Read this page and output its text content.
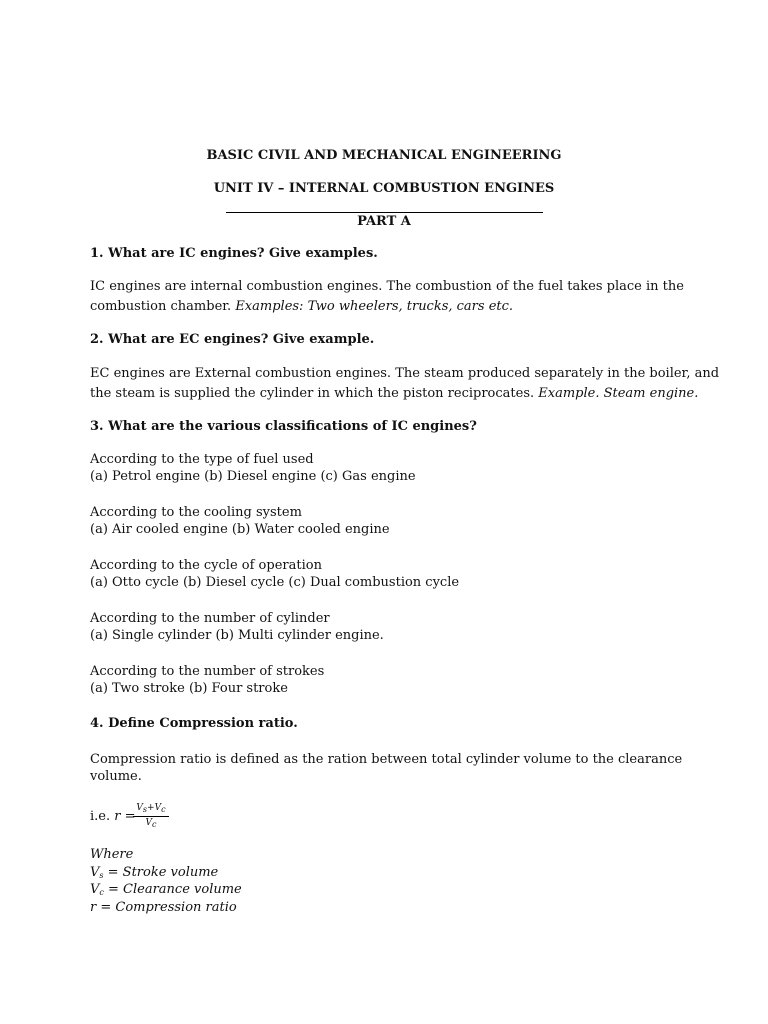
BASIC CIVIL AND MECHANICAL ENGINEERING
UNIT IV – INTERNAL COMBUSTION ENGINES
PART A
1. What are IC engines? Give examples.
IC engines are internal combustion engines. The combustion of the fuel takes place in the
combustion chamber. Examples: Two wheelers, trucks, cars etc.
2. What are EC engines? Give example.
EC engines are External combustion engines. The steam produced separately in the boiler, and
the steam is supplied the cylinder in which the piston reciprocates. Example. Steam engine.
3. What are the various classifications of IC engines?
According to the type of fuel used
(a) Petrol engine (b) Diesel engine (c) Gas engine
According to the cooling system
(a) Air cooled engine (b) Water cooled engine
According to the cycle of operation
(a) Otto cycle (b) Diesel cycle (c) Dual combustion cycle
According to the number of cylinder
(a) Single cylinder (b) Multi cylinder engine.
According to the number of strokes
(a) Two stroke (b) Four stroke
4. Define Compression ratio.
Compression ratio is defined as the ration between total cylinder volume to the clearance
volume.
i.e. r =
$\frac{Vs+Vc}{Vc}$
Where
$V_s$ = Stroke volume
$V_c$ = Clearance volume
r = Compression ratio
